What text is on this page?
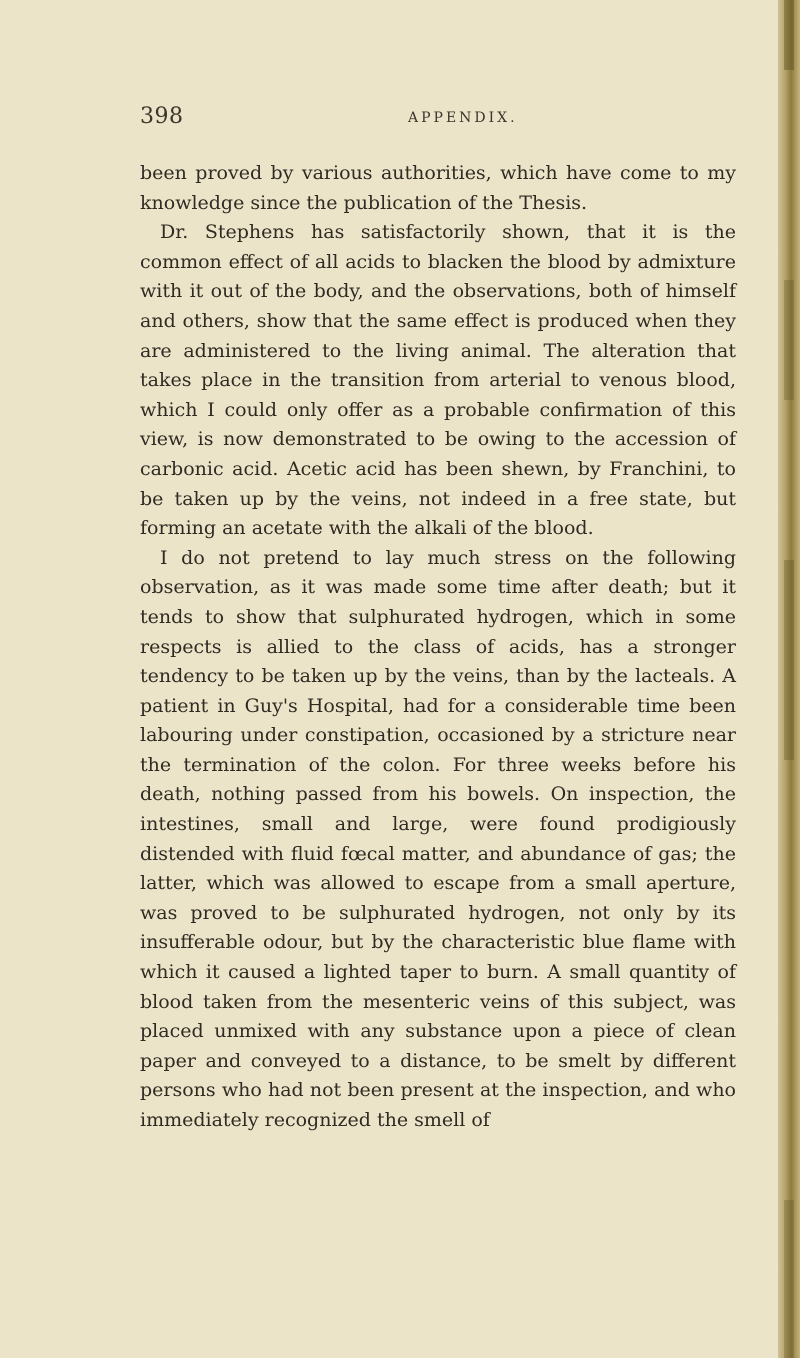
398	APPENDIX.

been proved by various authorities, which have come to my knowledge since the publication of the Thesis.

Dr. Stephens has satisfactorily shown, that it is the common effect of all acids to blacken the blood by admixture with it out of the body, and the observations, both of himself and others, show that the same effect is produced when they are administered to the living animal. The alteration that takes place in the transition from arterial to venous blood, which I could only offer as a probable confirmation of this view, is now demonstrated to be owing to the accession of carbonic acid. Acetic acid has been shewn, by Franchini, to be taken up by the veins, not indeed in a free state, but forming an acetate with the alkali of the blood.

I do not pretend to lay much stress on the following observation, as it was made some time after death; but it tends to show that sulphurated hydrogen, which in some respects is allied to the class of acids, has a stronger tendency to be taken up by the veins, than by the lacteals. A patient in Guy's Hospital, had for a considerable time been labouring under constipation, occasioned by a stricture near the termination of the colon. For three weeks before his death, nothing passed from his bowels. On inspection, the intestines, small and large, were found prodigiously distended with fluid fœcal matter, and abundance of gas; the latter, which was allowed to escape from a small aperture, was proved to be sulphurated hydrogen, not only by its insufferable odour, but by the characteristic blue flame with which it caused a lighted taper to burn. A small quantity of blood taken from the mesenteric veins of this subject, was placed unmixed with any substance upon a piece of clean paper and conveyed to a distance, to be smelt by different persons who had not been present at the inspection, and who immediately recognized the smell of
